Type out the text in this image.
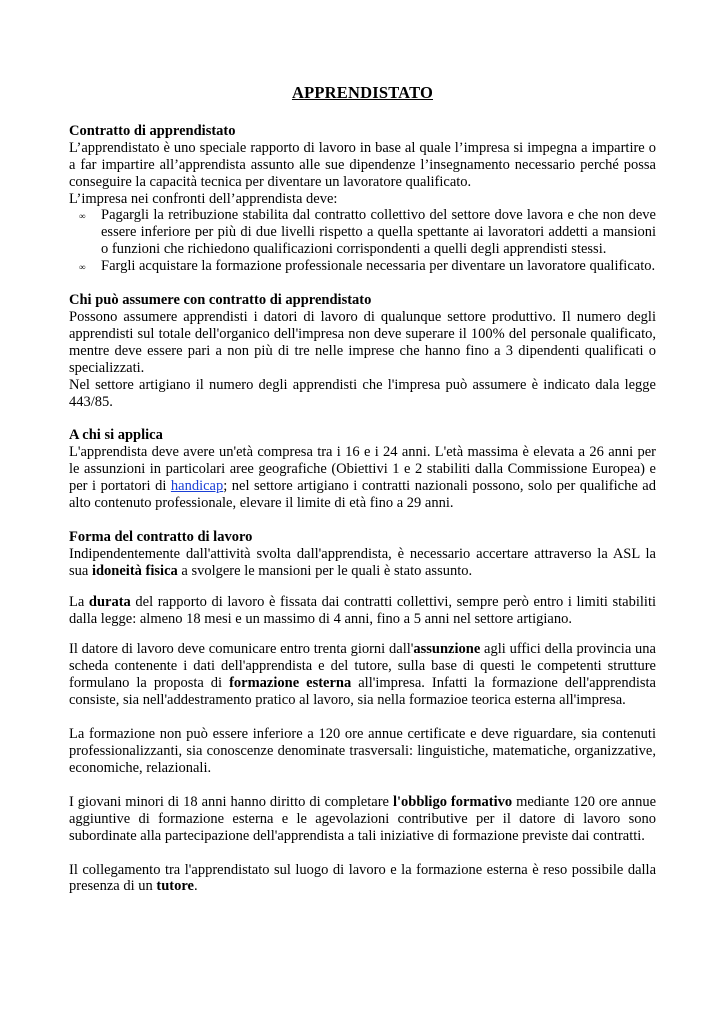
APPRENDISTATO
Contratto di apprendistato

L’apprendistato è uno speciale rapporto di lavoro in base al quale l’impresa si impegna a impartire o a far impartire all’apprendista assunto alle sue dipendenze l’insegnamento necessario perché possa conseguire la capacità tecnica per diventare un lavoratore qualificato.

L’impresa nei confronti dell’apprendista deve:

∞ Pagargli la retribuzione stabilita dal contratto collettivo del settore dove lavora e che non deve essere inferiore per più di due livelli rispetto a quella spettante ai lavoratori addetti a mansioni o funzioni che richiedono qualificazioni corrispondenti a quelli degli apprendisti stessi.
∞ Fargli acquistare la formazione professionale necessaria per diventare un lavoratore qualificato.
Chi può assumere con contratto di apprendistato

Possono assumere apprendisti i datori di lavoro di qualunque settore produttivo. Il numero degli apprendisti sul totale dell'organico dell'impresa non deve superare il 100% del personale qualificato, mentre deve essere pari a non più di tre nelle imprese che hanno fino a 3 dipendenti qualificati o specializzati.

Nel settore artigiano il numero degli apprendisti che l'impresa può assumere è indicato dala legge 443/85.

A chi si applica

L'apprendista deve avere un'età compresa tra i 16 e i 24 anni. L'età massima è elevata a 26 anni per le assunzioni in particolari aree geografiche (Obiettivi 1 e 2 stabiliti dalla Commissione Europea) e per i portatori di handicap; nel settore artigiano i contratti nazionali possono, solo per qualifiche ad alto contenuto professionale, elevare il limite di età fino a 29 anni.

Forma del contratto di lavoro

Indipendentemente dall'attività svolta dall'apprendista, è necessario accertare attraverso la ASL la sua idoneità fisica a svolgere le mansioni per le quali è stato assunto.

La durata del rapporto di lavoro è fissata dai contratti collettivi, sempre però entro i limiti stabiliti dalla legge: almeno 18 mesi e un massimo di 4 anni, fino a 5 anni nel settore artigiano.

Il datore di lavoro deve comunicare entro trenta giorni dall'assunzione agli uffici della provincia una scheda contenente i dati dell'apprendista e del tutore, sulla base di questi le competenti strutture formulano la proposta di formazione esterna all'impresa. Infatti la formazione dell'apprendista consiste, sia nell'addestramento pratico al lavoro, sia nella formazioe teorica esterna all'impresa.

La formazione non può essere inferiore a 120 ore annue certificate e deve riguardare, sia contenuti professionalizzanti, sia conoscenze denominate trasversali: linguistiche, matematiche, organizzative, economiche, relazionali.

I giovani minori di 18 anni hanno diritto di completare l'obbligo formativo mediante 120 ore annue aggiuntive di formazione esterna e le agevolazioni contributive per il datore di lavoro sono subordinate alla partecipazione dell'apprendista a tali iniziative di formazione previste dai contratti.

Il collegamento tra l'apprendistato sul luogo di lavoro e la formazione esterna è reso possibile dalla presenza di un tutore.
